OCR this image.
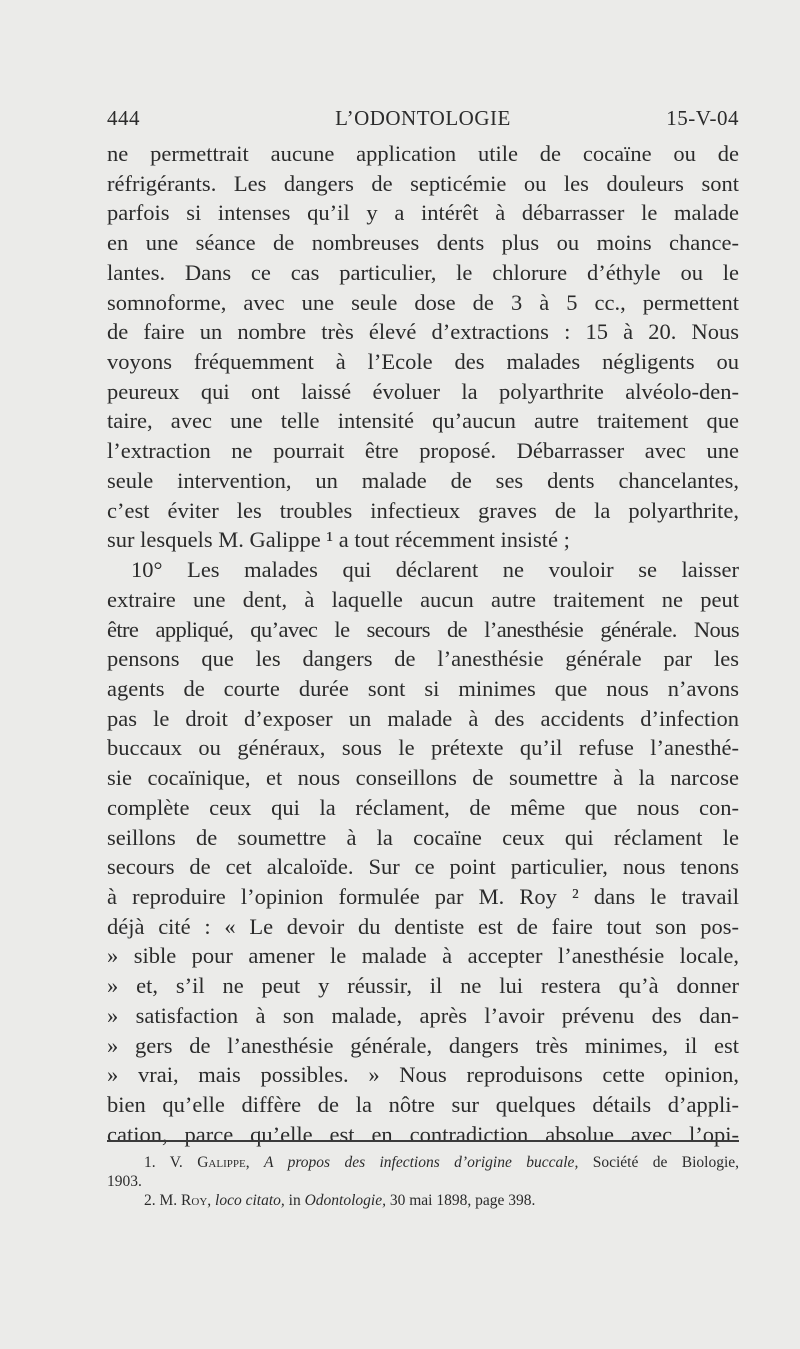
444	L’ODONTOLOGIE	15-V-04
ne permettrait aucune application utile de cocaïne ou de
réfrigérants. Les dangers de septicémie ou les douleurs sont
parfois si intenses qu’il y a intérêt à débarrasser le malade
en une séance de nombreuses dents plus ou moins chance-
lantes. Dans ce cas particulier, le chlorure d’éthyle ou le
somnoforme, avec une seule dose de 3 à 5 cc., permettent
de faire un nombre très élevé d’extractions : 15 à 20. Nous
voyons fréquemment à l’Ecole des malades négligents ou
peureux qui ont laissé évoluer la polyarthrite alvéolo-den-
taire, avec une telle intensité qu’aucun autre traitement que
l’extraction ne pourrait être proposé. Débarrasser avec une
seule intervention, un malade de ses dents chancelantes,
c’est éviter les troubles infectieux graves de la polyarthrite,
sur lesquels M. Galippe ¹ a tout récemment insisté ;
10° Les malades qui déclarent ne vouloir se laisser
extraire une dent, à laquelle aucun autre traitement ne peut
être appliqué, qu’avec le secours de l’anesthésie générale. Nous
pensons que les dangers de l’anesthésie générale par les
agents de courte durée sont si minimes que nous n’avons
pas le droit d’exposer un malade à des accidents d’infection
buccaux ou généraux, sous le prétexte qu’il refuse l’anesthé-
sie cocaïnique, et nous conseillons de soumettre à la narcose
complète ceux qui la réclament, de même que nous con-
seillons de soumettre à la cocaïne ceux qui réclament le
secours de cet alcaloïde. Sur ce point particulier, nous tenons
à reproduire l’opinion formulée par M. Roy ² dans le travail
déjà cité : « Le devoir du dentiste est de faire tout son pos-
» sible pour amener le malade à accepter l’anesthésie locale,
» et, s’il ne peut y réussir, il ne lui restera qu’à donner
» satisfaction à son malade, après l’avoir prévenu des dan-
» gers de l’anesthésie générale, dangers très minimes, il est
» vrai, mais possibles. » Nous reproduisons cette opinion,
bien qu’elle diffère de la nôtre sur quelques détails d’appli-
cation, parce qu’elle est en contradiction absolue avec l’opi-
1. V. Galippe, A propos des infections d’origine buccale, Société de Biologie,
1903.
2. M. Roy, loco citato, in Odontologie, 30 mai 1898, page 398.
